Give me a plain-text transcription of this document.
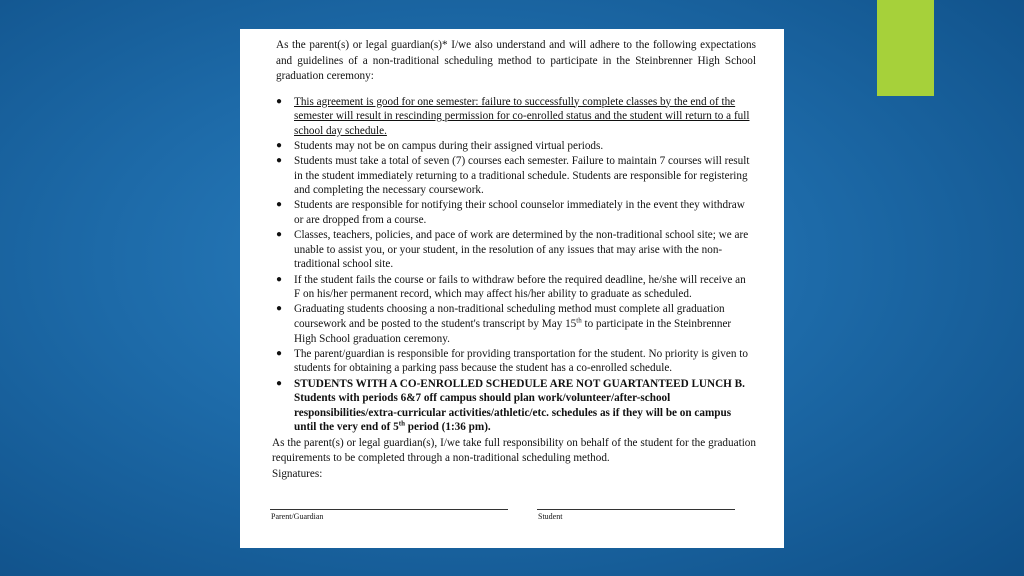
As the parent(s) or legal guardian(s)* I/we also understand and will adhere to the following expectations and guidelines of a non-traditional scheduling method to participate in the Steinbrenner High School graduation ceremony:

● This agreement is good for one semester: failure to successfully complete classes by the end of the semester will result in rescinding permission for co-enrolled status and the student will return to a full school day schedule.
● Students may not be on campus during their assigned virtual periods.
● Students must take a total of seven (7) courses each semester. Failure to maintain 7 courses will result in the student immediately returning to a traditional schedule. Students are responsible for registering and completing the necessary coursework.
● Students are responsible for notifying their school counselor immediately in the event they withdraw or are dropped from a course.
● Classes, teachers, policies, and pace of work are determined by the non-traditional school site; we are unable to assist you, or your student, in the resolution of any issues that may arise with the non-traditional school site.
● If the student fails the course or fails to withdraw before the required deadline, he/she will receive an F on his/her permanent record, which may affect his/her ability to graduate as scheduled.
● Graduating students choosing a non-traditional scheduling method must complete all graduation coursework and be posted to the student's transcript by May 15th to participate in the Steinbrenner High School graduation ceremony.
● The parent/guardian is responsible for providing transportation for the student. No priority is given to students for obtaining a parking pass because the student has a co-enrolled schedule.
● STUDENTS WITH A CO-ENROLLED SCHEDULE ARE NOT GUARTANTEED LUNCH B. Students with periods 6&7 off campus should plan work/volunteer/after-school responsibilities/extra-curricular activities/athletic/etc. schedules as if they will be on campus until the very end of 5th period (1:36 pm).

As the parent(s) or legal guardian(s), I/we take full responsibility on behalf of the student for the graduation requirements to be completed through a non-traditional scheduling method.

Signatures:

Parent/Guardian	Student
